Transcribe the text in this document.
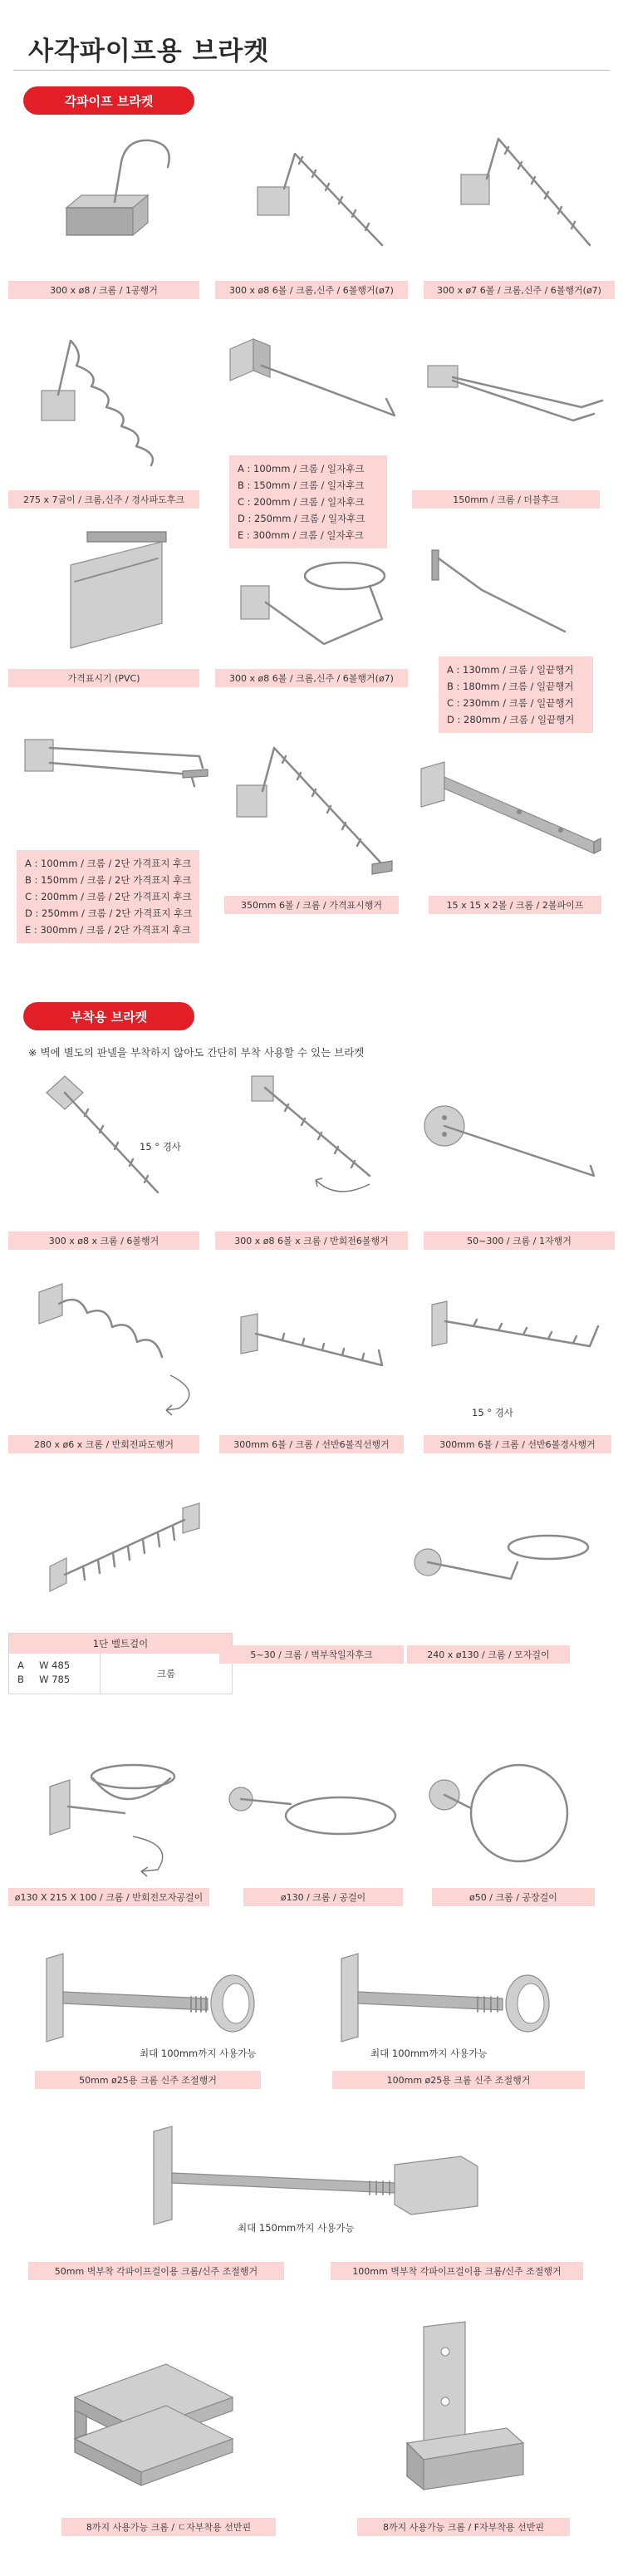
사각파이프용 브라켓
각파이프 브라켓
300 x ø8 / 크롬 / 1공행거	300 x ø8 6볼 / 크롬,신주 / 6볼행거(ø7)	300 x ø7 6볼 / 크롬,신주 / 6볼행거(ø7)
275 x 7굽이 / 크롬,신주 / 경사파도후크
A : 100mm / 크롬 / 일자후크
B : 150mm / 크롬 / 일자후크
C : 200mm / 크롬 / 일자후크
D : 250mm / 크롬 / 일자후크
E : 300mm / 크롬 / 일자후크
150mm / 크롬 / 더블후크
가격표시기 (PVC)	300 x ø8 6볼 / 크롬,신주 / 6볼행거(ø7)
A : 130mm / 크롬 / 일끝행거
B : 180mm / 크롬 / 일끝행거
C : 230mm / 크롬 / 일끝행거
D : 280mm / 크롬 / 일끝행거
A : 100mm / 크롬 / 2단 가격표지 후크
B : 150mm / 크롬 / 2단 가격표지 후크
C : 200mm / 크롬 / 2단 가격표지 후크
D : 250mm / 크롬 / 2단 가격표지 후크
E : 300mm / 크롬 / 2단 가격표지 후크
350mm 6볼 / 크롬 / 가격표시행거	15 x 15 x 2볼 / 크롬 / 2볼파이프
부착용 브라켓
※ 벽에 별도의 판넬을 부착하지 않아도 간단히 부착 사용할 수 있는 브라켓
15 ° 경사
300 x ø8 x 크롬 / 6볼행거	300 x ø8 6볼 x 크롬 / 반회전6볼행거	50~300 / 크롬 / 1자행거
15 ° 경사
280 x ø6 x 크롬 / 반회전파도행거	300mm 6볼 / 크롬 / 선반6볼직선행거	300mm 6볼 / 크롬 / 선반6볼경사행거
1단 벨트걸이
A W 485
B W 785	크롬
5~30 / 크롬 / 벽부착일자후크	240 x ø130 / 크롬 / 모자걸이
ø130 X 215 X 100 / 크롬 / 반회전모자공걸이	ø130 / 크롬 / 공걸이	ø50 / 크롬 / 공장걸이
최대 100mm까지 사용가능	최대 100mm까지 사용가능
50mm ø25용 크롬 신주 조절행거	100mm ø25용 크롬 신주 조절행거
최대 150mm까지 사용가능
50mm 벽부착 각파이프걸이용 크롬/신주 조절행거	100mm 벽부착 각파이프걸이용 크롬/신주 조절행거
8까지 사용가능 크롬 / ㄷ자부착용 선반핀	8까지 사용가능 크롬 / F자부착용 선반핀
